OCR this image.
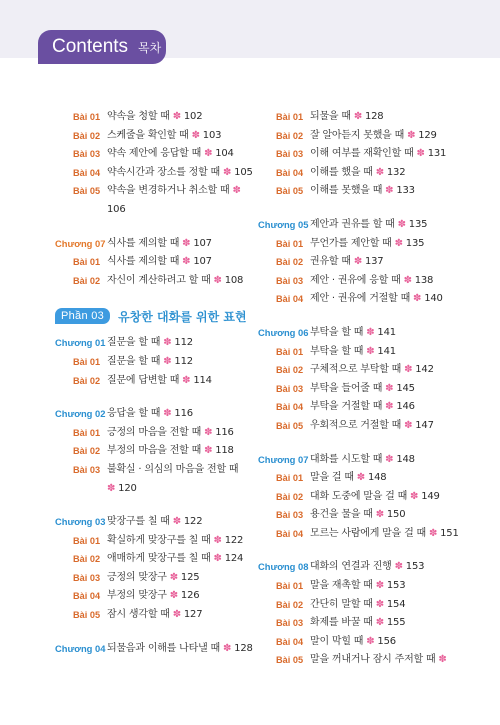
Contents 목차
Bài 01 약속을 청할 때 ✽ 102
Bài 02 스케줄을 확인할 때 ✽ 103
Bài 03 약속 제안에 응답할 때 ✽ 104
Bài 04 약속시간과 장소를 정할 때 ✽ 105
Bài 05 약속을 변경하거나 취소할 때 ✽
106
Chương 07 식사를 제의할 때 ✽ 107
Bài 01 식사를 제의할 때 ✽ 107
Bài 02 자신이 계산하려고 할 때 ✽ 108
Phần 03	유창한 대화를 위한 표현
Chương 01 질문을 할 때 ✽ 112
Bài 01 질문을 할 때 ✽ 112
Bài 02 질문에 답변할 때 ✽ 114
Chương 02 응답을 할 때 ✽ 116
Bài 01 긍정의 마음을 전할 때 ✽ 116
Bài 02 부정의 마음을 전할 때 ✽ 118
Bài 03 불확실 · 의심의 마음을 전할 때
✽ 120
Chương 03 맞장구를 칠 때 ✽ 122
Bài 01 확실하게 맞장구를 칠 때 ✽ 122
Bài 02 애매하게 맞장구를 칠 때 ✽ 124
Bài 03 긍정의 맞장구 ✽ 125
Bài 04 부정의 맞장구 ✽ 126
Bài 05 잠시 생각할 때 ✽ 127
Chương 04 되물음과 이해를 나타낼 때 ✽ 128
Bài 01 되물을 때 ✽ 128
Bài 02 잘 알아듣지 못했을 때 ✽ 129
Bài 03 이해 여부를 재확인할 때 ✽ 131
Bài 04 이해를 했을 때 ✽ 132
Bài 05 이해를 못했을 때 ✽ 133
Chương 05 제안과 권유를 할 때 ✽ 135
Bài 01 무언가를 제안할 때 ✽ 135
Bài 02 권유할 때 ✽ 137
Bài 03 제안 · 권유에 응할 때 ✽ 138
Bài 04 제안 · 권유에 거절할 때 ✽ 140
Chương 06 부탁을 할 때 ✽ 141
Bài 01 부탁을 할 때 ✽ 141
Bài 02 구체적으로 부탁할 때 ✽ 142
Bài 03 부탁을 들어줄 때 ✽ 145
Bài 04 부탁을 거절할 때 ✽ 146
Bài 05 우회적으로 거절할 때 ✽ 147
Chương 07 대화를 시도할 때 ✽ 148
Bài 01 말을 걸 때 ✽ 148
Bài 02 대화 도중에 말을 걸 때 ✽ 149
Bài 03 용건을 물을 때 ✽ 150
Bài 04 모르는 사람에게 말을 걸 때 ✽ 151
Chương 08 대화의 연결과 진행 ✽ 153
Bài 01 말을 재촉할 때 ✽ 153
Bài 02 간단히 말할 때 ✽ 154
Bài 03 화제를 바꿀 때 ✽ 155
Bài 04 말이 막힐 때 ✽ 156
Bài 05 말을 꺼내거나 잠시 주저할 때 ✽
